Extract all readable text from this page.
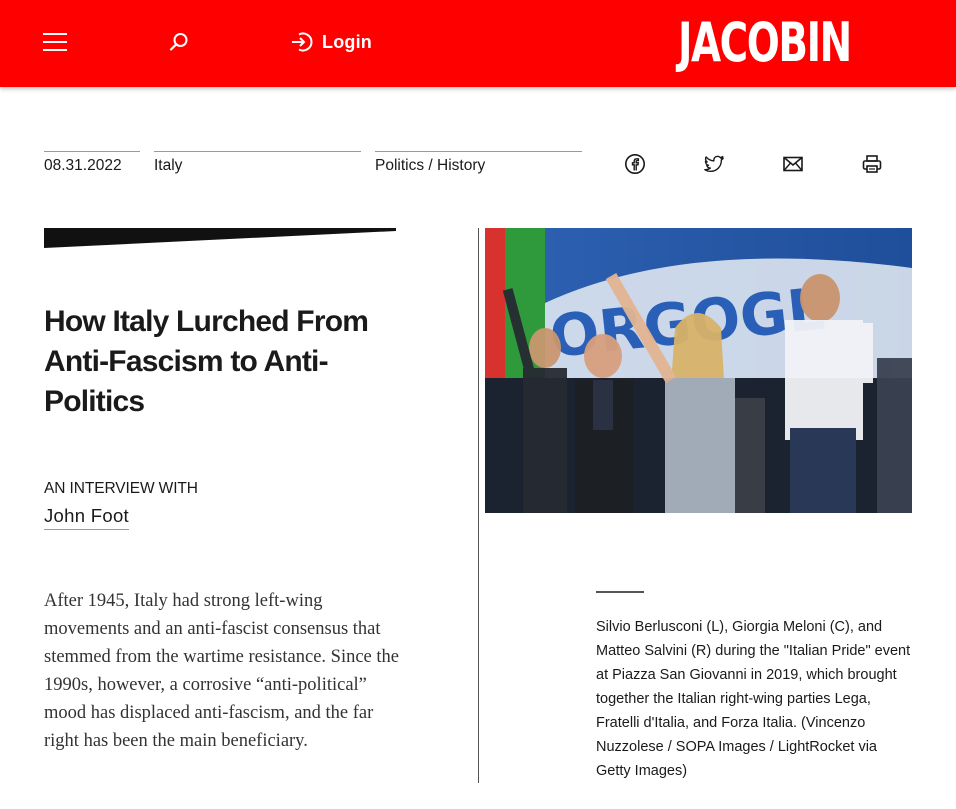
Login	JACOBIN
08.31.2022	Italy	Politics / History
How Italy Lurched From Anti-Fascism to Anti-Politics
AN INTERVIEW WITH
John Foot

After 1945, Italy had strong left-wing movements and an anti-fascist consensus that stemmed from the wartime resistance. Since the 1990s, however, a corrosive “anti-political” mood has displaced anti-fascism, and the far right has been the main beneficiary.

Silvio Berlusconi (L), Giorgia Meloni (C), and Matteo Salvini (R) during the "Italian Pride" event at Piazza San Giovanni in 2019, which brought together the Italian right-wing parties Lega, Fratelli d'Italia, and Forza Italia. (Vincenzo Nuzzolese / SOPA Images / LightRocket via Getty Images)
